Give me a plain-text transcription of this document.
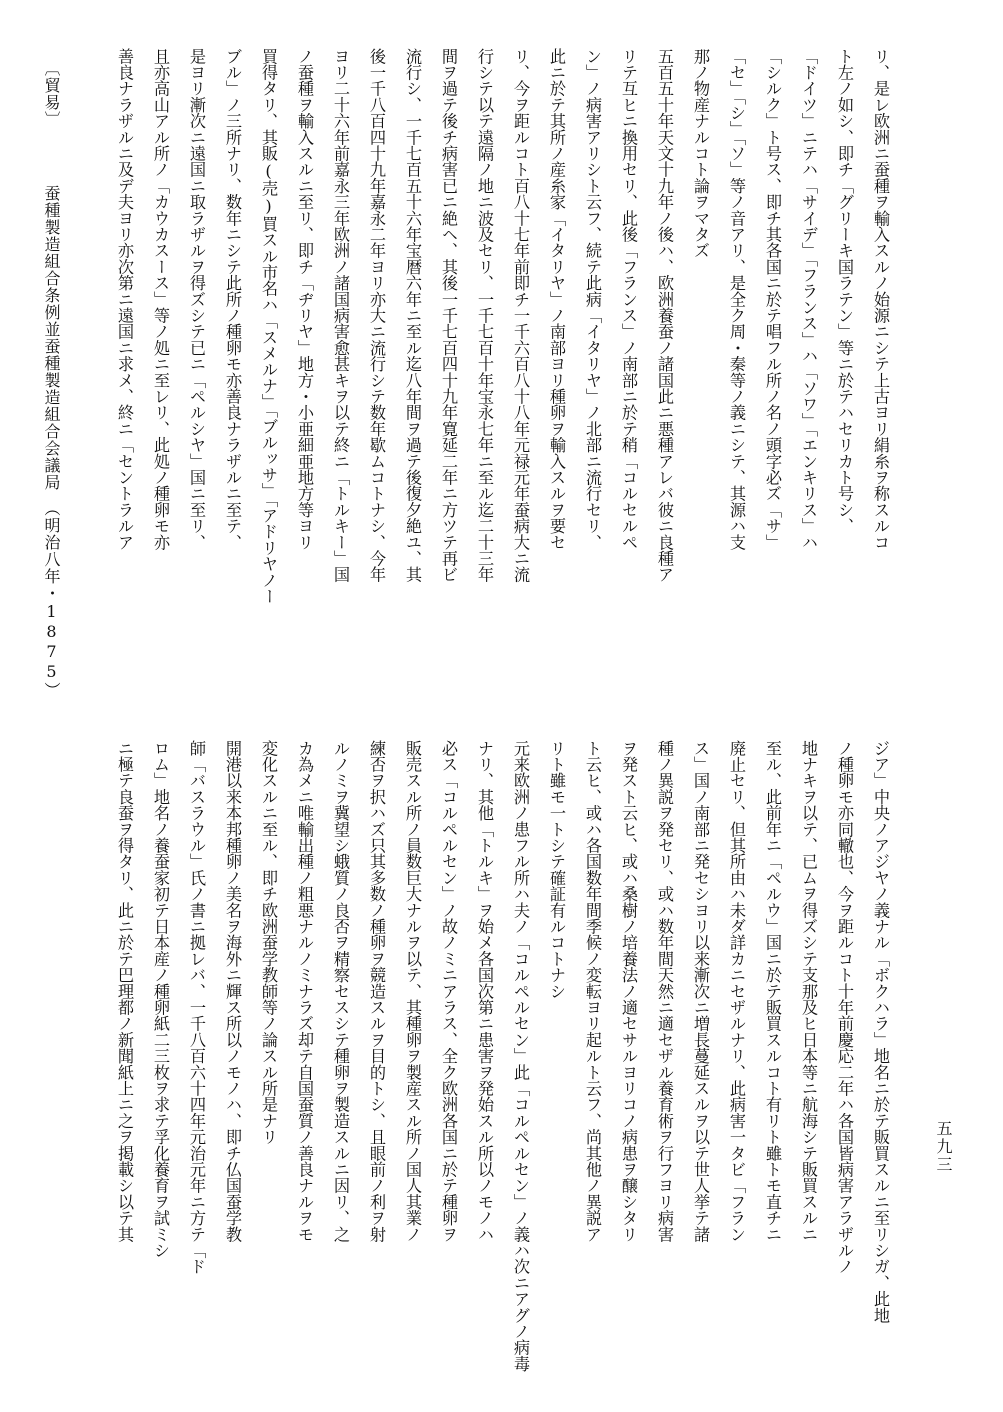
リ、是レ欧洲ニ蚕種ヲ輸入スルノ始源ニシテ上古ヨリ絹糸ヲ称スルコ
ト左ノ如シ、即チ「グリーキ国ラテン」等ニ於テハセリカト号シ、
「ドイツ」ニテハ「サイデ」「フランス」ハ「ソワ」「エンキリス」ハ
「シルク」ト号ス、即チ其各国ニ於テ唱フル所ノ名ノ頭字必ズ「サ」
「セ」「シ」「ソ」等ノ音アリ、是全ク周・秦等ノ義ニシテ、其源ハ支
那ノ物産ナルコト論ヲマタズ
五百五十年天文十九年ノ後ハ、欧洲養蚕ノ諸国此ニ悪種アレバ彼ニ良種ア
リテ互ヒニ換用セリ、此後「フランス」ノ南部ニ於テ稍「コルセルペ
ン」ノ病害アリシト云フ、続テ此病「イタリヤ」ノ北部ニ流行セリ、
此ニ於テ其所ノ産糸家「イタリヤ」ノ南部ヨリ種卵ヲ輸入スルヲ要セ
リ、今ヲ距ルコト百八十七年前即チ一千六百八十八年元禄元年蚕病大ニ流
行シテ以テ遠隔ノ地ニ波及セリ、一千七百十年宝永七年ニ至ル迄二十三年
間ヲ過テ後チ病害已ニ絶ヘ、其後一千七百四十九年寛延二年ニ方ツテ再ビ
流行シ、一千七百五十六年宝暦六年ニ至ル迄八年間ヲ過テ後復夕絶ユ、其
後一千八百四十九年嘉永二年ヨリ亦大ニ流行シテ数年歇ムコトナシ、今年
ヨリ二十六年前嘉永三年欧洲ノ諸国病害愈甚キヲ以テ終ニ「トルキー」国
ノ蚕種ヲ輸入スルニ至リ、即チ「ヂリヤ」地方・小亜細亜地方等ヨリ
買得タリ、其販(売)買スル市名ハ「スメルナ」「ブルッサ」「アドリヤノー
ブル」ノ三所ナリ、数年ニシテ此所ノ種卵モ亦善良ナラザルニ至テ、
是ヨリ漸次ニ遠国ニ取ラザルヲ得ズシテ已ニ「ペルシヤ」国ニ至リ、
且亦高山アル所ノ「カウカスース」等ノ処ニ至レリ、此処ノ種卵モ亦
善良ナラザルニ及デ夫ヨリ亦次第ニ遠国ニ求メ、終ニ「セントラルア
ジア」中央ノアジヤノ義ナル「ボクハラ」地名ニ於テ販買スルニ至リシガ、此地
ノ種卵モ亦同轍也、今ヲ距ルコト十年前慶応二年ハ各国皆病害アラザルノ
地ナキヲ以テ、已ムヲ得ズシテ支那及ヒ日本等ニ航海シテ販買スルニ
至ル、此前年ニ「ペルウ」国ニ於テ販買スルコト有リト雖トモ直チニ
廃止セリ、但其所由ハ未ダ詳カニセザルナリ、此病害一タビ「フラン
ス」国ノ南部ニ発セシヨリ以来漸次ニ増長蔓延スルヲ以テ世人挙テ諸
種ノ異説ヲ発セリ、或ハ数年間天然ニ適セザル養育術ヲ行フヨリ病害
ヲ発スト云ヒ、或ハ桑樹ノ培養法ノ適セサルヨリコノ病患ヲ醸シタリ
ト云ヒ、或ハ各国数年間季候ノ変転ヨリ起ルト云フ、尚其他ノ異説ア
リト雖モ一トシテ確証有ルコトナシ
元来欧洲ノ患フル所ハ夫ノ「コルペルセン」此「コルペルセン」ノ義ハ次ニアグノ病毒
ナリ、其他「トルキ」ヲ始メ各国次第ニ患害ヲ発始スル所以ノモノハ
必ス「コルペルセン」ノ故ノミニアラス、全ク欧洲各国ニ於テ種卵ヲ
販売スル所ノ員数巨大ナルヲ以テ、其種卵ヲ製産スル所ノ国人其業ノ
練否ヲ択ハズ只其多数ノ種卵ヲ競造スルヲ目的トシ、且眼前ノ利ヲ射
ルノミヲ冀望シ蛾質ノ良否ヲ精察セスシテ種卵ヲ製造スルニ因リ、之
カ為メニ唯輸出種ノ粗悪ナルノミナラズ却テ自国蚕質ノ善良ナルヲモ
変化スルニ至ル、即チ欧洲蚕学教師等ノ論スル所是ナリ
開港以来本邦種卵ノ美名ヲ海外ニ輝ス所以ノモノハ、即チ仏国蚕学教
師「バスラウル」氏ノ書ニ拠レバ、一千八百六十四年元治元年ニ方テ「ド
ロム」地名ノ養蚕家初テ日本産ノ種卵紙二三枚ヲ求テ孚化養育ヲ試ミシ
ニ極テ良蚕ヲ得タリ、此ニ於テ巴理都ノ新聞紙上ニ之ヲ掲載シ以テ其
〔貿易〕
蚕種製造組合条例並蚕種製造組合会議局
（明治八年・1875）
五九三
